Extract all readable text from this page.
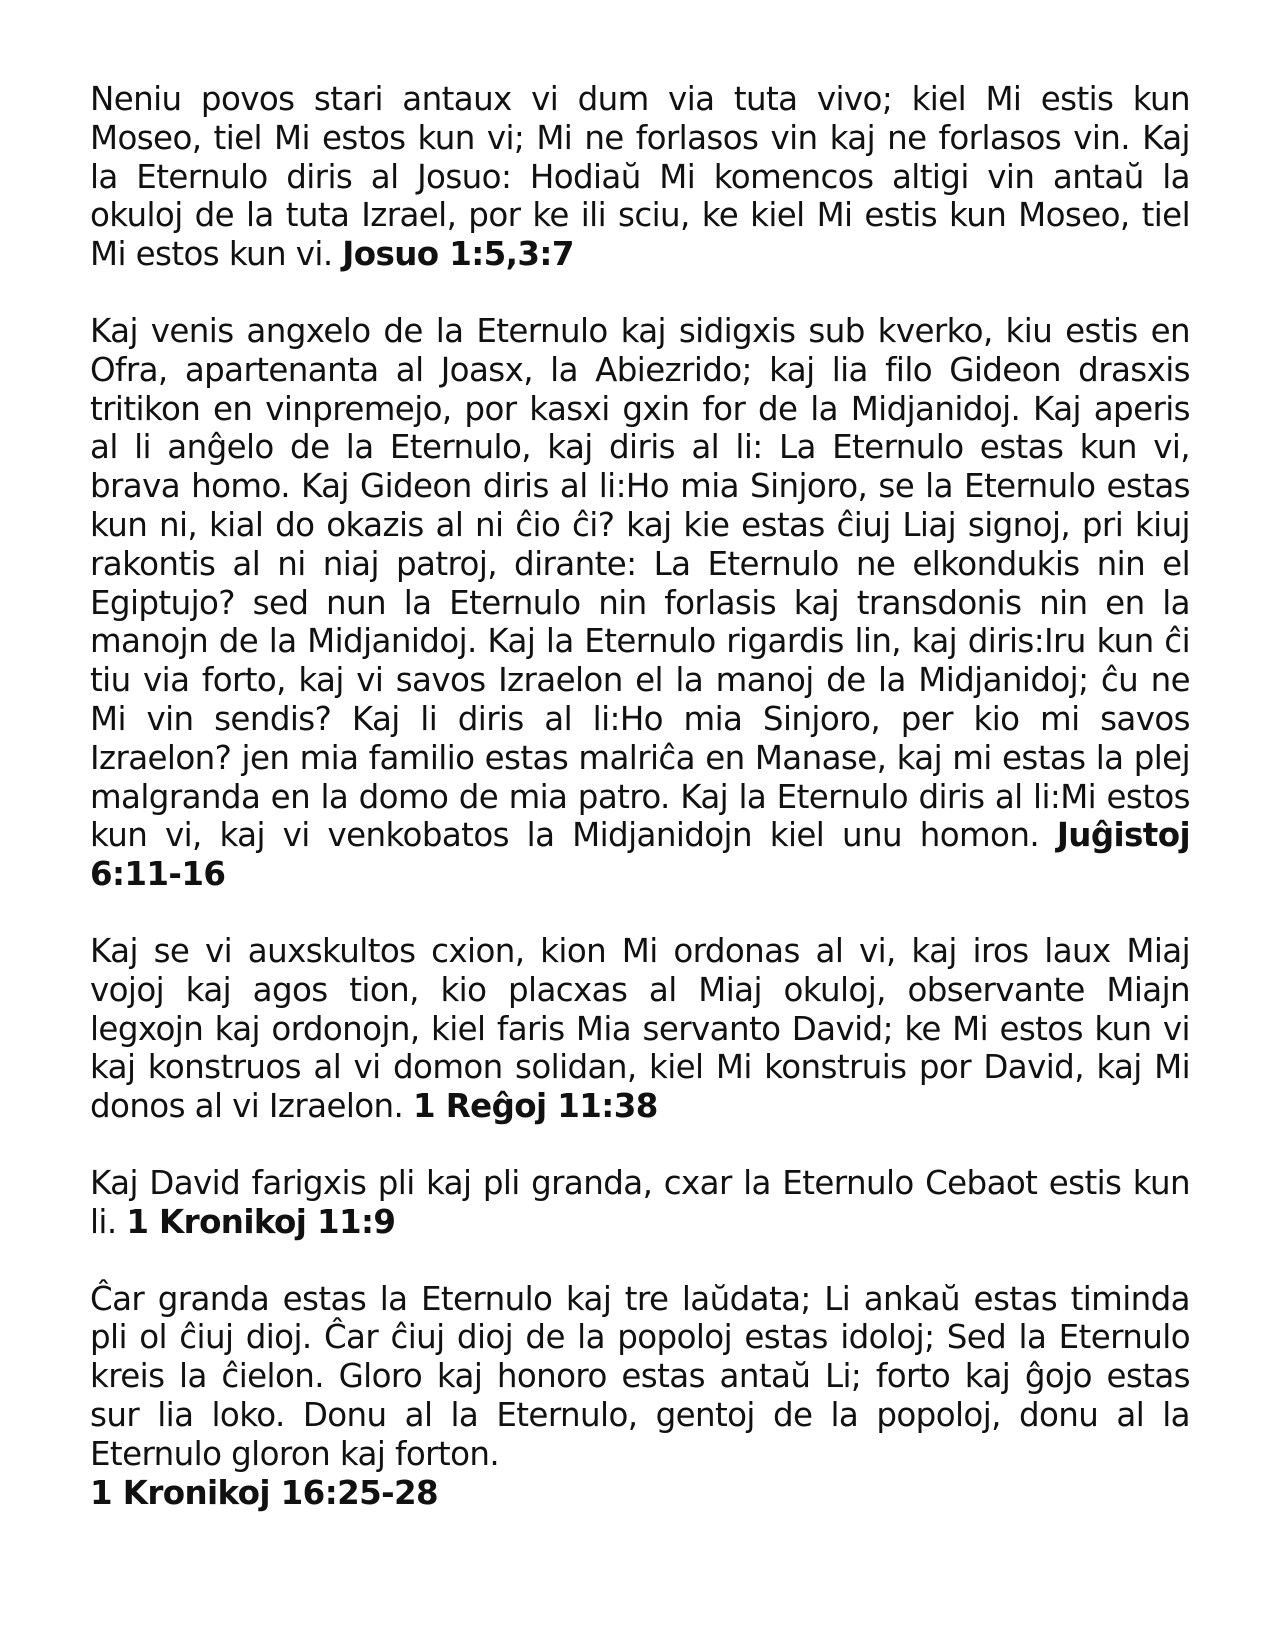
Neniu povos stari antaux vi dum via tuta vivo; kiel Mi estis kun Moseo, tiel Mi estos kun vi; Mi ne forlasos vin kaj ne forlasos vin. Kaj la Eternulo diris al Josuo: Hodiaŭ Mi komencos altigi vin antaŭ la okuloj de la tuta Izrael, por ke ili sciu, ke kiel Mi estis kun Moseo, tiel Mi estos kun vi. Josuo 1:5,3:7

Kaj venis angxelo de la Eternulo kaj sidigxis sub kverko, kiu estis en Ofra, apartenanta al Joasx, la Abiezrido; kaj lia filo Gideon drasxis tritikon en vinpremejo, por kasxi gxin for de la Midjanidoj. Kaj aperis al li anĝelo de la Eternulo, kaj diris al li: La Eternulo estas kun vi, brava homo. Kaj Gideon diris al li:Ho mia Sinjoro, se la Eternulo estas kun ni, kial do okazis al ni ĉio ĉi? kaj kie estas ĉiuj Liaj signoj, pri kiuj rakontis al ni niaj patroj, dirante: La Eternulo ne elkondukis nin el Egiptujo? sed nun la Eternulo nin forlasis kaj transdonis nin en la manojn de la Midjanidoj. Kaj la Eternulo rigardis lin, kaj diris:Iru kun ĉi tiu via forto, kaj vi savos Izraelon el la manoj de la Midjanidoj; ĉu ne Mi vin sendis? Kaj li diris al li:Ho mia Sinjoro, per kio mi savos Izraelon? jen mia familio estas malriĉa en Manase, kaj mi estas la plej malgranda en la domo de mia patro. Kaj la Eternulo diris al li:Mi estos kun vi, kaj vi venkobatos la Midjanidojn kiel unu homon. Juĝistoj 6:11-16

Kaj se vi auxskultos cxion, kion Mi ordonas al vi, kaj iros laux Miaj vojoj kaj agos tion, kio placxas al Miaj okuloj, observante Miajn legxojn kaj ordonojn, kiel faris Mia servanto David; ke Mi estos kun vi kaj konstruos al vi domon solidan, kiel Mi konstruis por David, kaj Mi donos al vi Izraelon. 1 Reĝoj 11:38

Kaj David farigxis pli kaj pli granda, cxar la Eternulo Cebaot estis kun li. 1 Kronikoj 11:9

Ĉar granda estas la Eternulo kaj tre laŭdata; Li ankaŭ estas timinda pli ol ĉiuj dioj. Ĉar ĉiuj dioj de la popoloj estas idoloj; Sed la Eternulo kreis la ĉielon. Gloro kaj honoro estas antaŭ Li; forto kaj ĝojo estas sur lia loko. Donu al la Eternulo, gentoj de la popoloj, donu al la Eternulo gloron kaj forton.
1 Kronikoj 16:25-28
